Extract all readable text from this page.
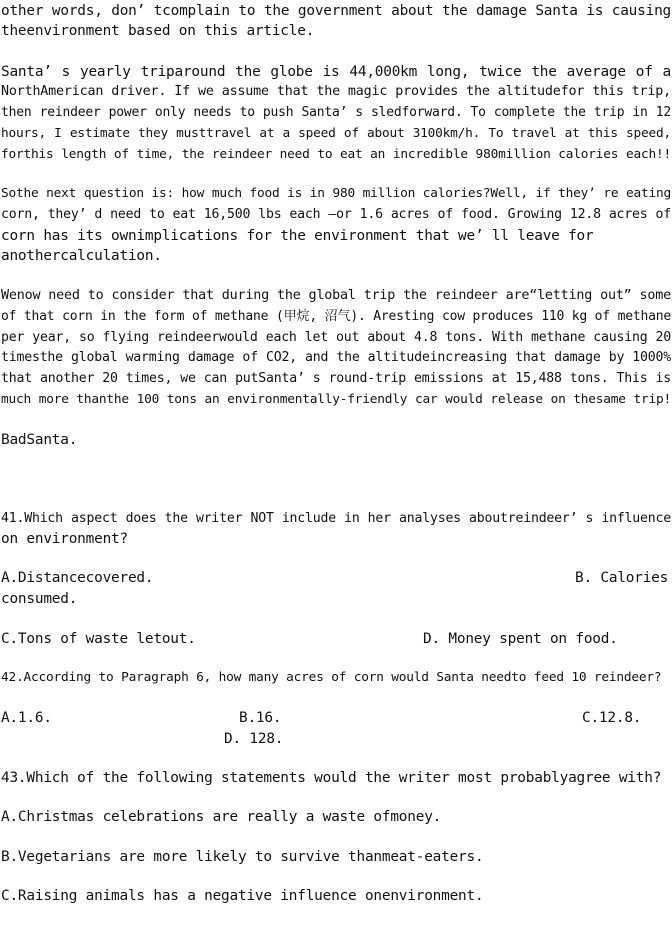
other words, don’ tcomplain to the government about the damage Santa is causing
theenvironment based on this article.
Santa’ s yearly triparound the globe is 44,000km long, twice the average of a
NorthAmerican driver. If we assume that the magic provides the altitudefor this trip,
then reindeer power only needs to push Santa’ s sledforward. To complete the trip in 12
hours, I estimate they musttravel at a speed of about 3100km/h. To travel at this speed,
forthis length of time, the reindeer need to eat an incredible 980million calories each!!
Sothe next question is: how much food is in 980 million calories?Well, if they’ re eating
corn, they’ d need to eat 16,500 lbs each —or 1.6 acres of food. Growing 12.8 acres of
corn has its ownimplications for the environment that we’ ll leave for
anothercalculation.
Wenow need to consider that during the global trip the reindeer are“letting out” some
of that corn in the form of methane (甲烷, 沼气). Aresting cow produces 110 kg of methane
per year, so flying reindeerwould each let out about 4.8 tons. With methane causing 20
timesthe global warming damage of CO2, and the altitudeincreasing that damage by 1000%
that another 20 times, we can putSanta’ s round-trip emissions at 15,488 tons. This is
much more thanthe 100 tons an environmentally-friendly car would release on thesame trip!
BadSanta.
41.Which aspect does the writer NOT include in her analyses aboutreindeer’ s influence
on environment?
A.Distancecovered.	B. Calories
consumed.
C.Tons of waste letout.	D. Money spent on food.
42.According to Paragraph 6, how many acres of corn would Santa needto feed 10 reindeer?
A.1.6.	B.16.	C.12.8.
D. 128.
43.Which of the following statements would the writer most probablyagree with?
A.Christmas celebrations are really a waste ofmoney.
B.Vegetarians are more likely to survive thanmeat-eaters.
C.Raising animals has a negative influence onenvironment.
